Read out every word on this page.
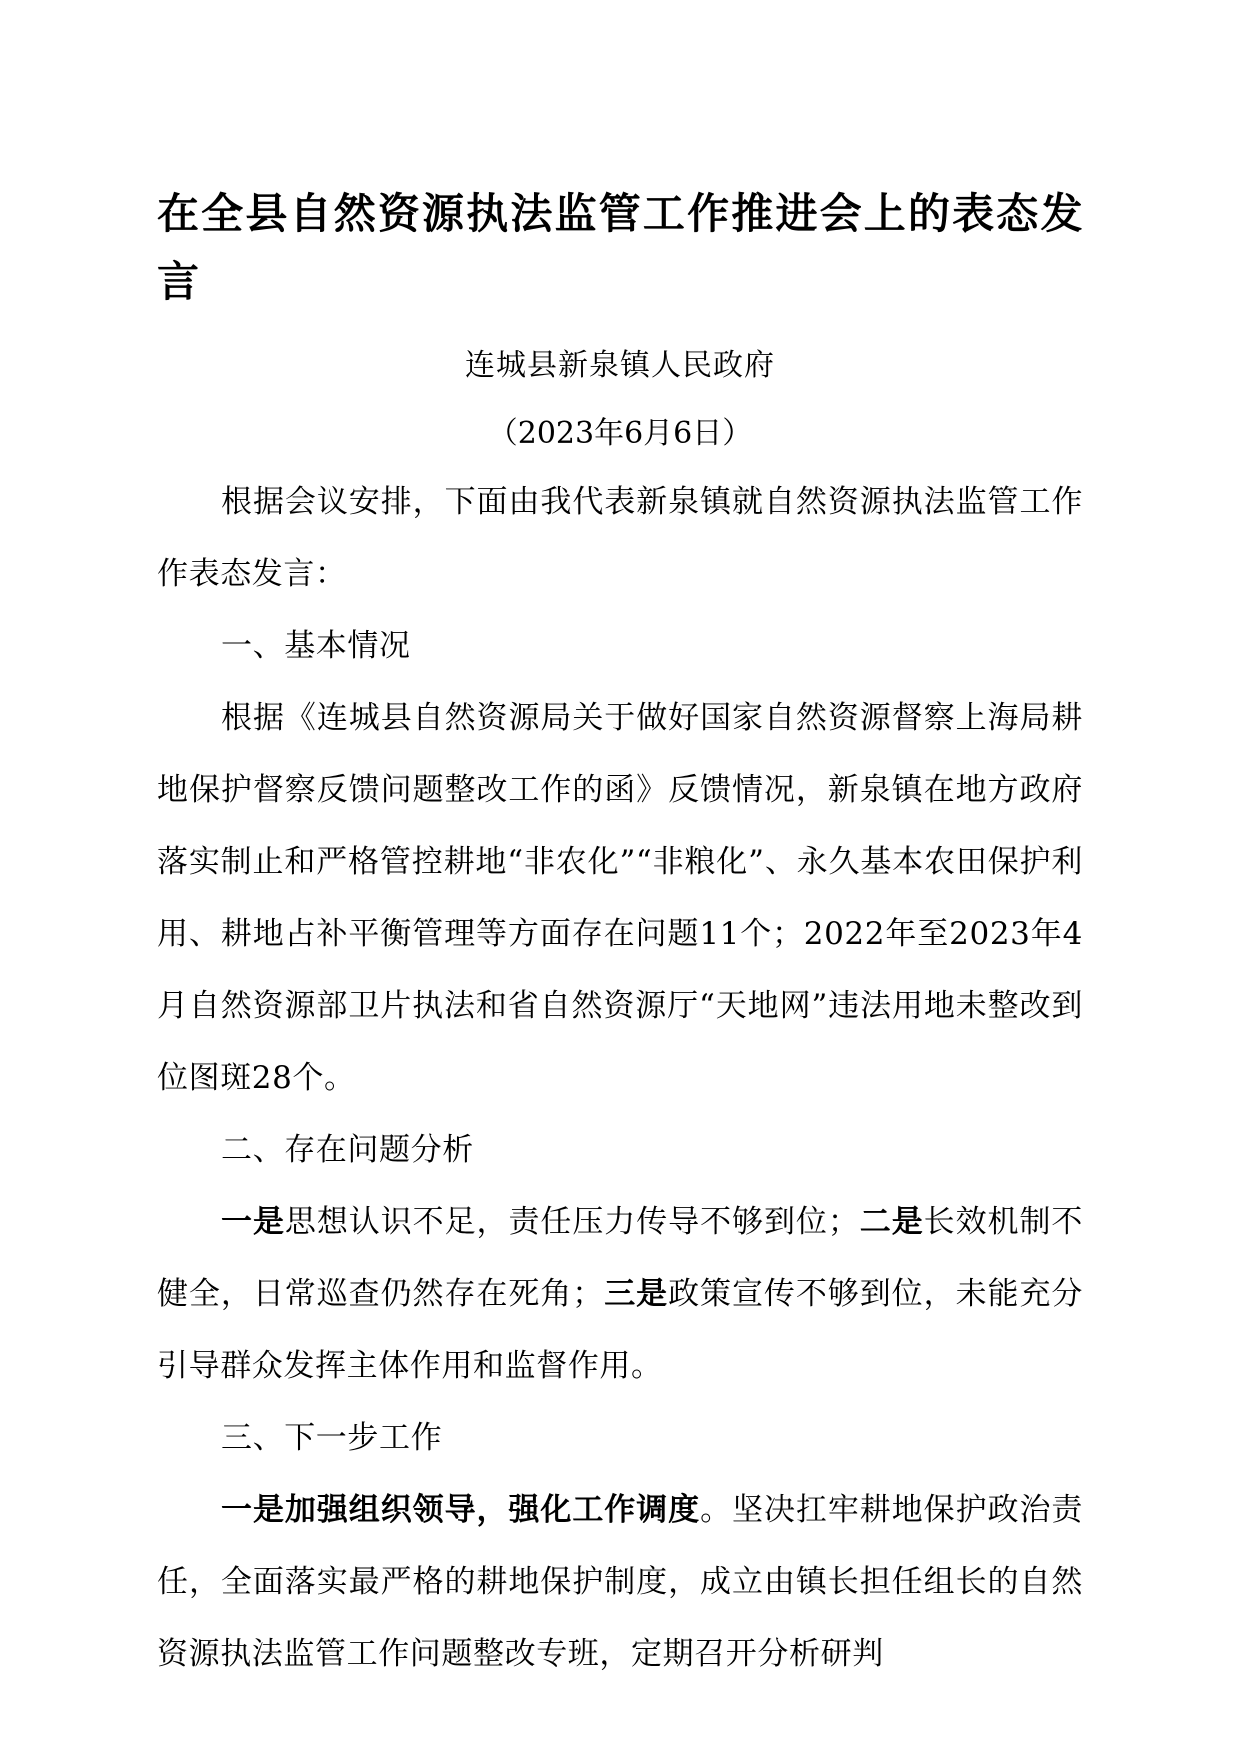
在全县自然资源执法监管工作推进会上的表态发言
连城县新泉镇人民政府
（2023年6月6日）

根据会议安排，下面由我代表新泉镇就自然资源执法监管工作作表态发言：

一、基本情况

根据《连城县自然资源局关于做好国家自然资源督察上海局耕地保护督察反馈问题整改工作的函》反馈情况，新泉镇在地方政府落实制止和严格管控耕地“非农化”“非粮化”、永久基本农田保护利用、耕地占补平衡管理等方面存在问题11个；2022年至2023年4月自然资源部卫片执法和省自然资源厅“天地网”违法用地未整改到位图斑28个。

二、存在问题分析

一是思想认识不足，责任压力传导不够到位；二是长效机制不健全，日常巡查仍然存在死角；三是政策宣传不够到位，未能充分引导群众发挥主体作用和监督作用。

三、下一步工作

一是加强组织领导，强化工作调度。坚决扛牢耕地保护政治责任，全面落实最严格的耕地保护制度，成立由镇长担任组长的自然资源执法监管工作问题整改专班，定期召开分析研判
